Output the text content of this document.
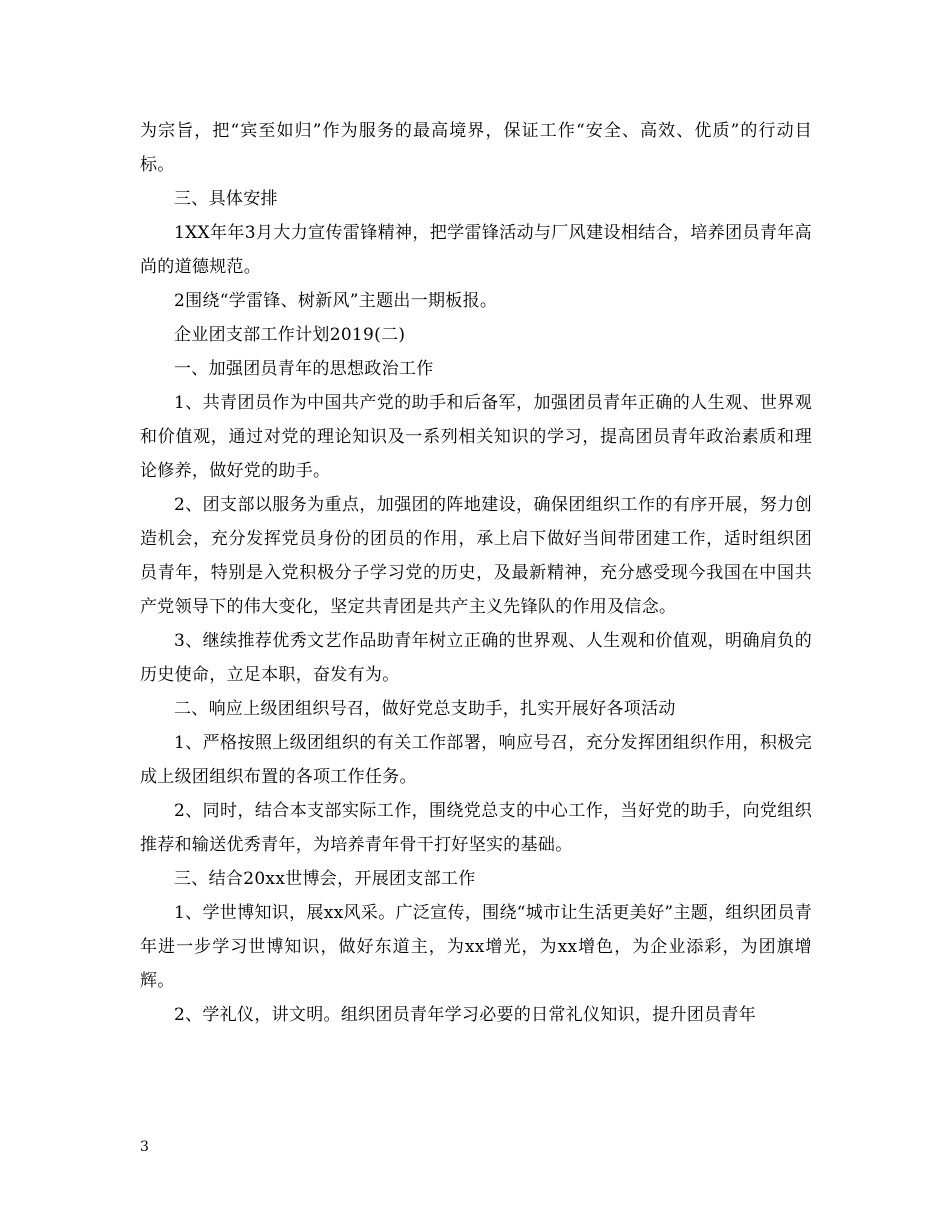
为宗旨，把“宾至如归”作为服务的最高境界，保证工作“安全、高效、优质”的行动目标。

三、具体安排

1XX年年3月大力宣传雷锋精神，把学雷锋活动与厂风建设相结合，培养团员青年高尚的道德规范。

2围绕“学雷锋、树新风”主题出一期板报。

企业团支部工作计划2019(二)

一、加强团员青年的思想政治工作

1、共青团员作为中国共产党的助手和后备军，加强团员青年正确的人生观、世界观和价值观，通过对党的理论知识及一系列相关知识的学习，提高团员青年政治素质和理论修养，做好党的助手。

2、团支部以服务为重点，加强团的阵地建设，确保团组织工作的有序开展，努力创造机会，充分发挥党员身份的团员的作用，承上启下做好当间带团建工作，适时组织团员青年，特别是入党积极分子学习党的历史，及最新精神，充分感受现今我国在中国共产党领导下的伟大变化，坚定共青团是共产主义先锋队的作用及信念。

3、继续推荐优秀文艺作品助青年树立正确的世界观、人生观和价值观，明确肩负的历史使命，立足本职，奋发有为。

二、响应上级团组织号召，做好党总支助手，扎实开展好各项活动

1、严格按照上级团组织的有关工作部署，响应号召，充分发挥团组织作用，积极完成上级团组织布置的各项工作任务。

2、同时，结合本支部实际工作，围绕党总支的中心工作，当好党的助手，向党组织推荐和输送优秀青年，为培养青年骨干打好坚实的基础。

三、结合20xx世博会，开展团支部工作

1、学世博知识，展xx风采。广泛宣传，围绕“城市让生活更美好”主题，组织团员青年进一步学习世博知识，做好东道主，为xx增光，为xx增色，为企业添彩，为团旗增辉。

2、学礼仪，讲文明。组织团员青年学习必要的日常礼仪知识，提升团员青年

3
